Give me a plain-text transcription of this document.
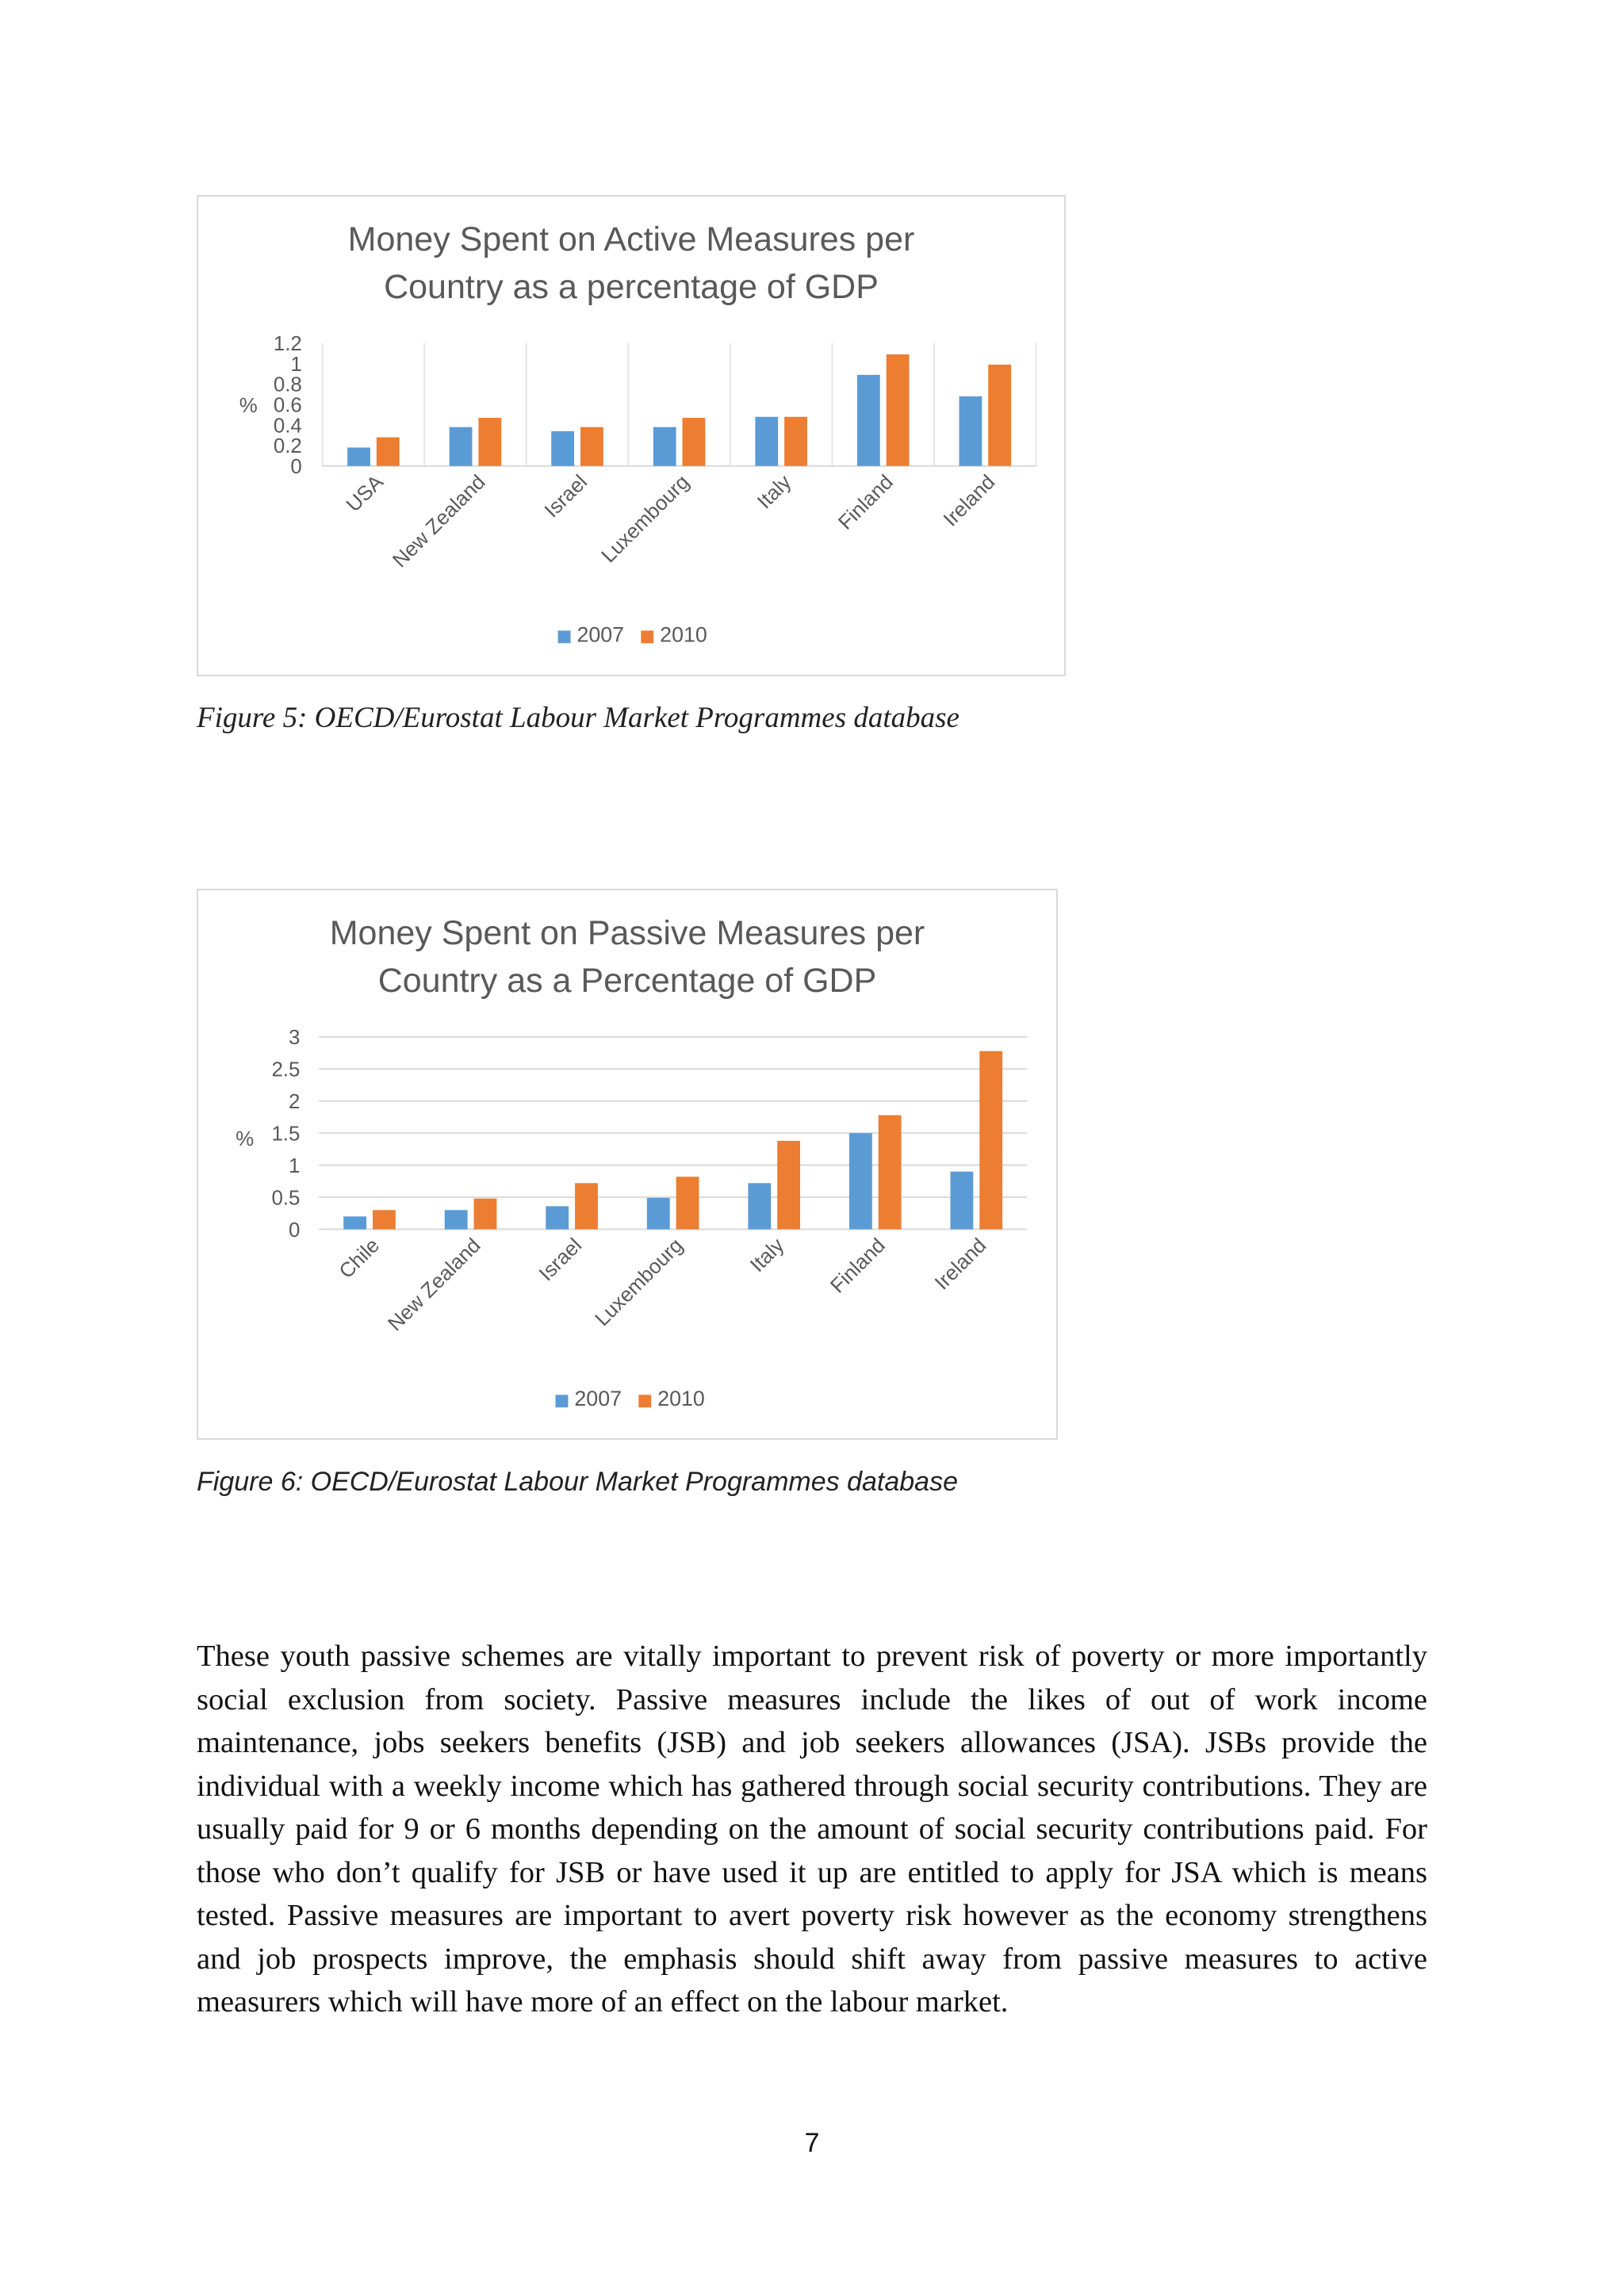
Money Spent on Active Measures per
Country as a percentage of GDP
0
0.2
0.4
0.6
0.8
1
1.2
%
USA New Zealand Israel Luxembourg	Italy Finland Ireland
2007 2010
Figure 5: OECD/Eurostat Labour Market Programmes database
Money Spent on Passive Measures per
Country as a Percentage of GDP
0
0.5
1
1.5
2
2.5
3
%
Chile New Zealand Israel Luxembourg	Italy Finland Ireland
2007 2010
Figure 6: OECD/Eurostat Labour Market Programmes database

These youth passive schemes are vitally important to prevent risk of poverty or more importantly social exclusion from society. Passive measures include the likes of out of work income maintenance, jobs seekers benefits (JSB) and job seekers allowances (JSA). JSBs provide the individual with a weekly income which has gathered through social security contributions. They are usually paid for 9 or 6 months depending on the amount of social security contributions paid. For those who don’t qualify for JSB or have used it up are entitled to apply for JSA which is means tested. Passive measures are important to avert poverty risk however as the economy strengthens and job prospects improve, the emphasis should shift away from passive measures to active measurers which will have more of an effect on the labour market.

7
